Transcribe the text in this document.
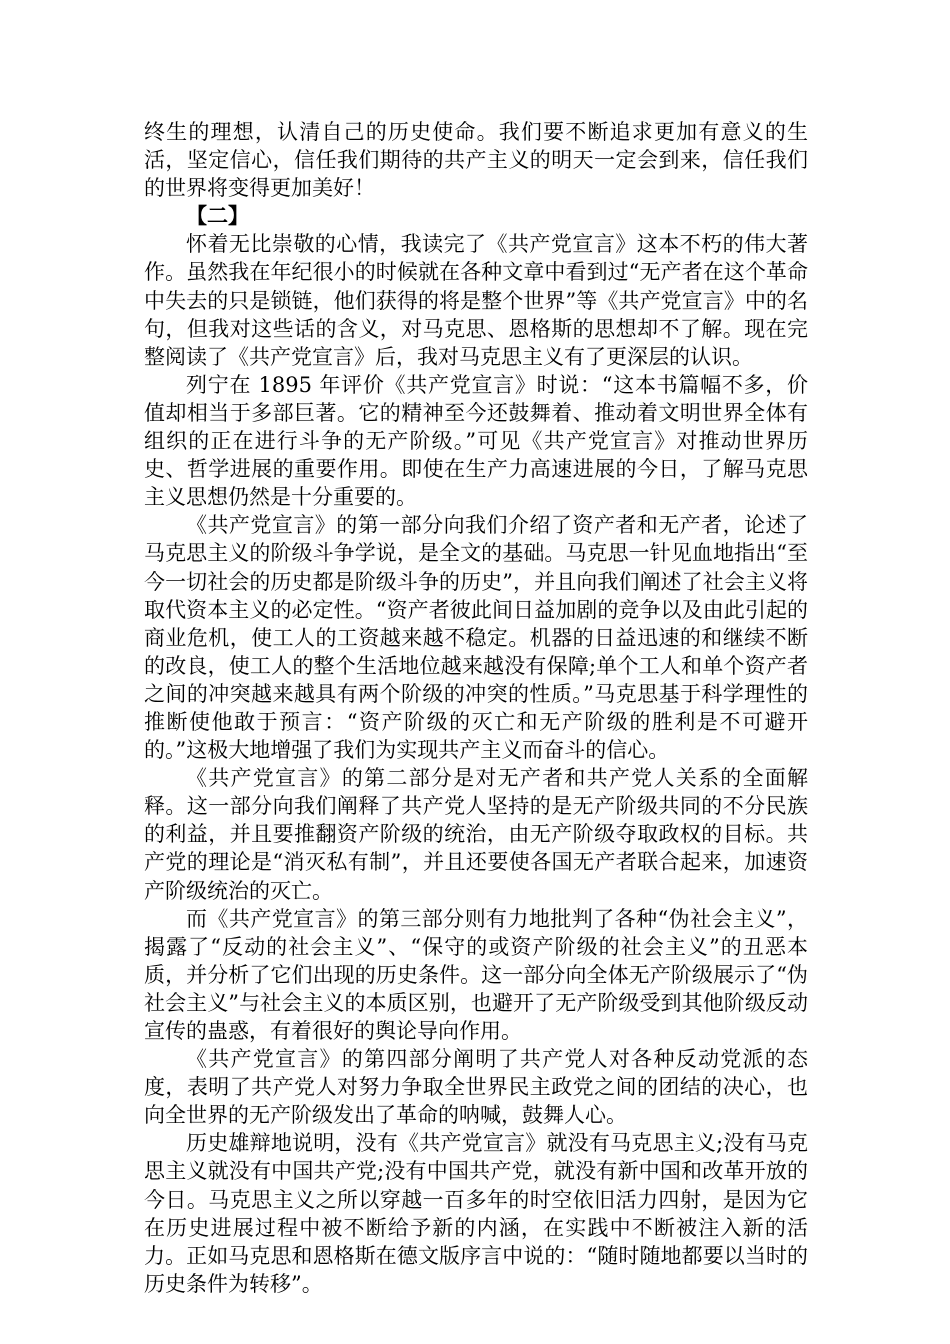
终生的理想，认清自己的历史使命。我们要不断追求更加有意义的生活，坚定信心，信任我们期待的共产主义的明天一定会到来，信任我们的世界将变得更加美好！

【二】

怀着无比崇敬的心情，我读完了《共产党宣言》这本不朽的伟大著作。虽然我在年纪很小的时候就在各种文章中看到过“无产者在这个革命中失去的只是锁链，他们获得的将是整个世界”等《共产党宣言》中的名句，但我对这些话的含义，对马克思、恩格斯的思想却不了解。现在完整阅读了《共产党宣言》后，我对马克思主义有了更深层的认识。

列宁在 1895 年评价《共产党宣言》时说：“这本书篇幅不多，价值却相当于多部巨著。它的精神至今还鼓舞着、推动着文明世界全体有组织的正在进行斗争的无产阶级。”可见《共产党宣言》对推动世界历史、哲学进展的重要作用。即使在生产力高速进展的今日，了解马克思主义思想仍然是十分重要的。

《共产党宣言》的第一部分向我们介绍了资产者和无产者，论述了马克思主义的阶级斗争学说，是全文的基础。马克思一针见血地指出“至今一切社会的历史都是阶级斗争的历史”，并且向我们阐述了社会主义将取代资本主义的必定性。“资产者彼此间日益加剧的竞争以及由此引起的商业危机，使工人的工资越来越不稳定。机器的日益迅速的和继续不断的改良，使工人的整个生活地位越来越没有保障;单个工人和单个资产者之间的冲突越来越具有两个阶级的冲突的性质。”马克思基于科学理性的推断使他敢于预言：“资产阶级的灭亡和无产阶级的胜利是不可避开的。”这极大地增强了我们为实现共产主义而奋斗的信心。

《共产党宣言》的第二部分是对无产者和共产党人关系的全面解释。这一部分向我们阐释了共产党人坚持的是无产阶级共同的不分民族的利益，并且要推翻资产阶级的统治，由无产阶级夺取政权的目标。共产党的理论是“消灭私有制”，并且还要使各国无产者联合起来，加速资产阶级统治的灭亡。

而《共产党宣言》的第三部分则有力地批判了各种“伪社会主义”，揭露了“反动的社会主义”、“保守的或资产阶级的社会主义”的丑恶本质，并分析了它们出现的历史条件。这一部分向全体无产阶级展示了“伪社会主义”与社会主义的本质区别，也避开了无产阶级受到其他阶级反动宣传的蛊惑，有着很好的舆论导向作用。

《共产党宣言》的第四部分阐明了共产党人对各种反动党派的态度，表明了共产党人对努力争取全世界民主政党之间的团结的决心，也向全世界的无产阶级发出了革命的呐喊，鼓舞人心。

历史雄辩地说明，没有《共产党宣言》就没有马克思主义;没有马克思主义就没有中国共产党;没有中国共产党，就没有新中国和改革开放的今日。马克思主义之所以穿越一百多年的时空依旧活力四射，是因为它在历史进展过程中被不断给予新的内涵，在实践中不断被注入新的活力。正如马克思和恩格斯在德文版序言中说的：“随时随地都要以当时的历史条件为转移”。
